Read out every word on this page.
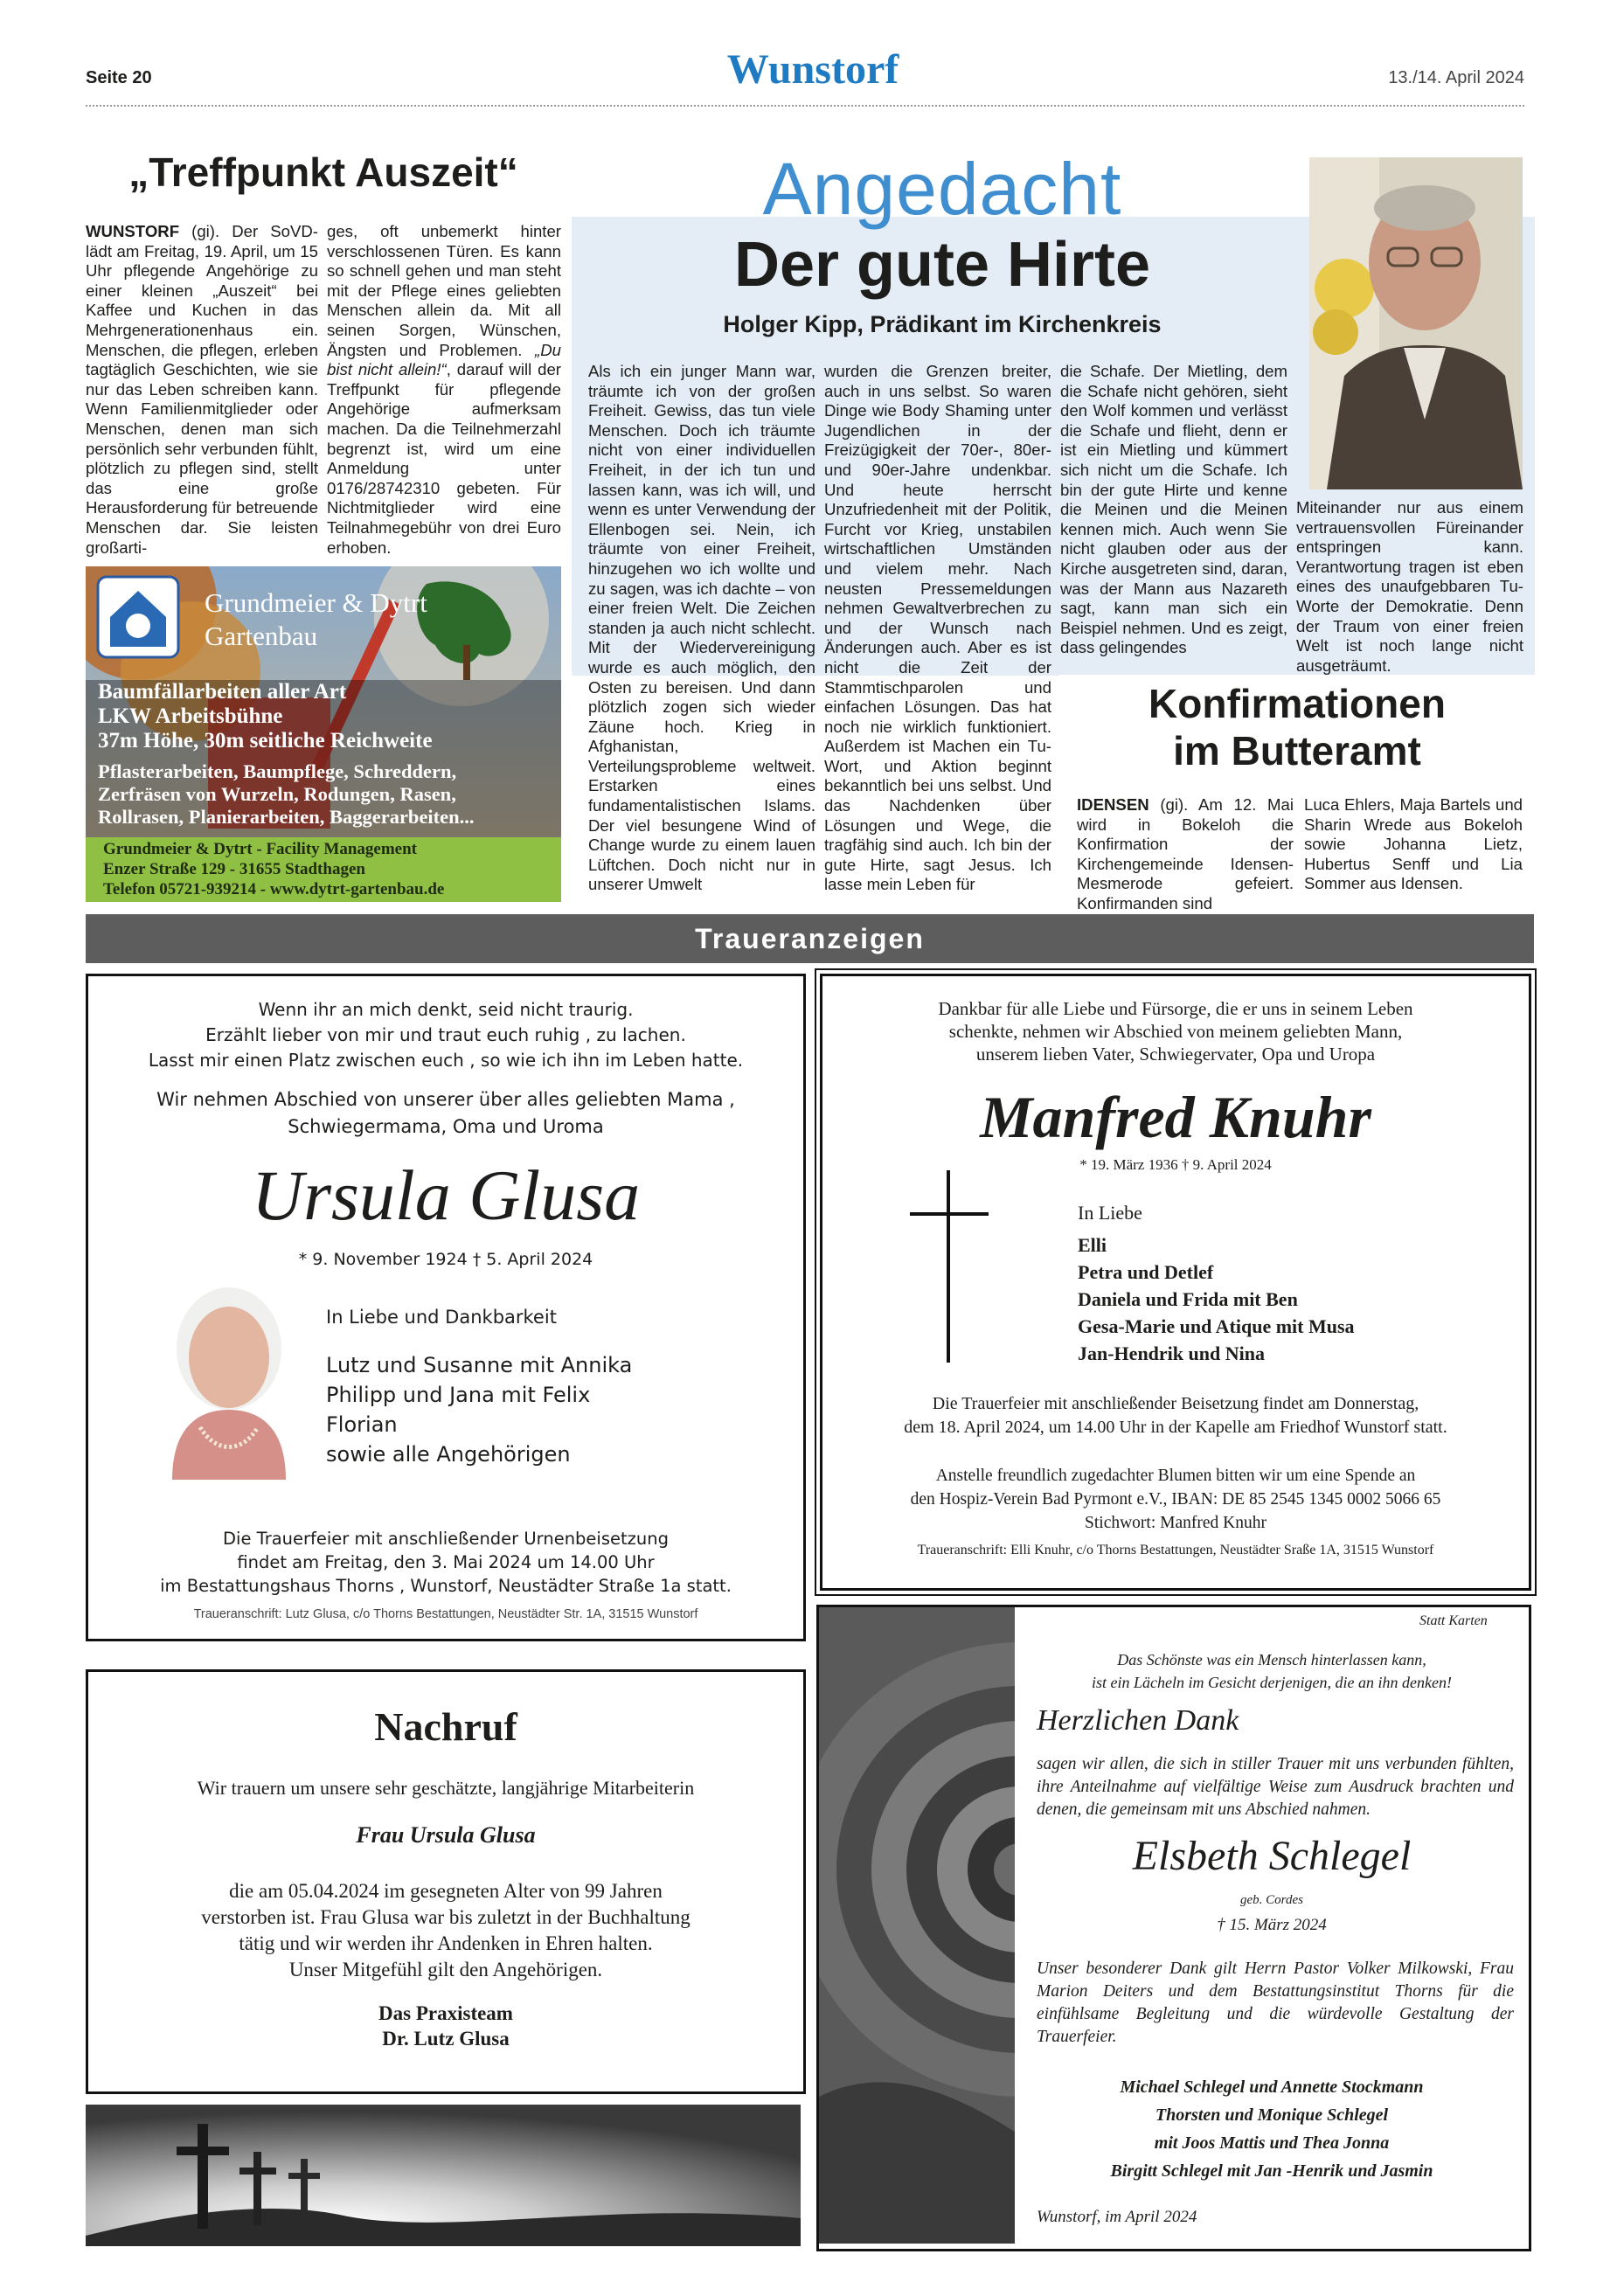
Seite 20	Wunstorf	13./14. April 2024
„Treffpunkt Auszeit“
WUNSTORF (gi). Der SoVD-lädt am Freitag, 19. April, um 15 Uhr pflegende Angehörige zu einer kleinen „Auszeit“ bei Kaffee und Kuchen in das Mehrgenerationenhaus ein. Menschen, die pflegen, erleben tagtäglich Geschichten, wie sie nur das Leben schreiben kann. Wenn Familienmitglieder oder Menschen, denen man sich persönlich sehr verbunden fühlt, plötzlich zu pflegen sind, stellt das eine große Herausforderung für betreuende Menschen dar. Sie leisten großarti-
ges, oft unbemerkt hinter verschlossenen Türen. Es kann so schnell gehen und man steht mit der Pflege eines geliebten Menschen allein da. Mit all seinen Sorgen, Wünschen, Ängsten und Problemen. „Du bist nicht allein!“, darauf will der Treffpunkt für pflegende Angehörige aufmerksam machen. Da die Teilnehmerzahl begrenzt ist, wird um eine Anmeldung unter 0176/28742310 gebeten. Für Nichtmitglieder wird eine Teilnahmegebühr von drei Euro erhoben.
Grundmeier & Dytrt
Gartenbau
Baumfällarbeiten aller Art
LKW Arbeitsbühne
37m Höhe, 30m seitliche Reichweite
Pflasterarbeiten, Baumpflege, Schreddern,
Zerfräsen von Wurzeln, Rodungen, Rasen,
Rollrasen, Planierarbeiten, Baggerarbeiten...
Grundmeier & Dytrt - Facility Management
Enzer Straße 129 - 31655 Stadthagen
Telefon 05721-939214 - www.dytrt-gartenbau.de
Angedacht
Der gute Hirte
Holger Kipp, Prädikant im Kirchenkreis
Als ich ein junger Mann war, träumte ich von der großen Freiheit. Gewiss, das tun viele Menschen. Doch ich träumte nicht von einer individuellen Freiheit, in der ich tun und lassen kann, was ich will, und wenn es unter Verwendung der Ellenbogen sei. Nein, ich träumte von einer Freiheit, hinzugehen wo ich wollte und zu sagen, was ich dachte – von einer freien Welt. Die Zeichen standen ja auch nicht schlecht. Mit der Wiedervereinigung wurde es auch möglich, den Osten zu bereisen. Und dann plötzlich zogen sich wieder Zäune hoch. Krieg in Afghanistan, Verteilungsprobleme weltweit. Erstarken eines fundamentalistischen Islams. Der viel besungene Wind of Change wurde zu einem lauen Lüftchen. Doch nicht nur in unserer Umwelt
wurden die Grenzen breiter, auch in uns selbst. So waren Dinge wie Body Shaming unter Jugendlichen in der Freizügigkeit der 70er-, 80er- und 90er-Jahre undenkbar. Und heute herrscht Unzufriedenheit mit der Politik, Furcht vor Krieg, unstabilen wirtschaftlichen Umständen und vielem mehr. Nach neusten Pressemeldungen nehmen Gewaltverbrechen zu und der Wunsch nach Änderungen auch. Aber es ist nicht die Zeit der Stammtischparolen und einfachen Lösungen. Das hat noch nie wirklich funktioniert. Außerdem ist Machen ein Tu-Wort, und Aktion beginnt bekanntlich bei uns selbst. Und das Nachdenken über Lösungen und Wege, die tragfähig sind auch. Ich bin der gute Hirte, sagt Jesus. Ich lasse mein Leben für
die Schafe. Der Mietling, dem die Schafe nicht gehören, sieht den Wolf kommen und verlässt die Schafe und flieht, denn er ist ein Mietling und kümmert sich nicht um die Schafe. Ich bin der gute Hirte und kenne die Meinen und die Meinen kennen mich. Auch wenn Sie nicht glauben oder aus der Kirche ausgetreten sind, daran, was der Mann aus Nazareth sagt, kann man sich ein Beispiel nehmen. Und es zeigt, dass gelingendes
Miteinander nur aus einem vertrauensvollen Füreinander entspringen kann. Verantwortung tragen ist eben eines des unaufgebbaren Tu-Worte der Demokratie. Denn der Traum von einer freien Welt ist noch lange nicht ausgeträumt.
Konfirmationen im Butteramt
IDENSEN (gi). Am 12. Mai wird in Bokeloh die Konfirmation der Kirchengemeinde Idensen-Mesmerode gefeiert. Konfirmanden sind
Luca Ehlers, Maja Bartels und Sharin Wrede aus Bokeloh sowie Johanna Lietz, Hubertus Senff und Lia Sommer aus Idensen.
Traueranzeigen
Wenn ihr an mich denkt, seid nicht traurig.
Erzählt lieber von mir und traut euch ruhig , zu lachen.
Lasst mir einen Platz zwischen euch , so wie ich ihn im Leben hatte.
Wir nehmen Abschied von unserer über alles geliebten Mama ,
Schwiegermama, Oma und Uroma
Ursula Glusa
* 9. November 1924 † 5. April 2024
In Liebe und Dankbarkeit
Lutz und Susanne mit Annika
Philipp und Jana mit Felix
Florian
sowie alle Angehörigen
Die Trauerfeier mit anschließender Urnenbeisetzung
findet am Freitag, den 3. Mai 2024 um 14.00 Uhr
im Bestattungshaus Thorns , Wunstorf, Neustädter Straße 1a statt.
Traueranschrift: Lutz Glusa, c/o Thorns Bestattungen, Neustädter Str. 1A, 31515 Wunstorf
Dankbar für alle Liebe und Fürsorge, die er uns in seinem Leben
schenkte, nehmen wir Abschied von meinem geliebten Mann,
unserem lieben Vater, Schwiegervater, Opa und Uropa
Manfred Knuhr
* 19. März 1936 † 9. April 2024
In Liebe
Elli
Petra und Detlef
Daniela und Frida mit Ben
Gesa-Marie und Atique mit Musa
Jan-Hendrik und Nina
Die Trauerfeier mit anschließender Beisetzung findet am Donnerstag,
dem 18. April 2024, um 14.00 Uhr in der Kapelle am Friedhof Wunstorf statt.
Anstelle freundlich zugedachter Blumen bitten wir um eine Spende an
den Hospiz-Verein Bad Pyrmont e.V., IBAN: DE 85 2545 1345 0002 5066 65
Stichwort: Manfred Knuhr
Traueranschrift: Elli Knuhr, c/o Thorns Bestattungen, Neustädter Sraße 1A, 31515 Wunstorf
Nachruf
Wir trauern um unsere sehr geschätzte, langjährige Mitarbeiterin
Frau Ursula Glusa
die am 05.04.2024 im gesegneten Alter von 99 Jahren
verstorben ist. Frau Glusa war bis zuletzt in der Buchhaltung
tätig und wir werden ihr Andenken in Ehren halten.
Unser Mitgefühl gilt den Angehörigen.
Das Praxisteam
Dr. Lutz Glusa
Statt Karten
Das Schönste was ein Mensch hinterlassen kann,
ist ein Lächeln im Gesicht derjenigen, die an ihn denken!
Herzlichen Dank
sagen wir allen, die sich in stiller Trauer mit uns verbunden fühlten, ihre Anteilnahme auf vielfältige Weise zum Ausdruck brachten und denen, die gemeinsam mit uns Abschied nahmen.
Elsbeth Schlegel
geb. Cordes
† 15. März 2024
Unser besonderer Dank gilt Herrn Pastor Volker Milkowski, Frau Marion Deiters und dem Bestattungsinstitut Thorns für die einfühlsame Begleitung und die würdevolle Gestaltung der Trauerfeier.
Michael Schlegel und Annette Stockmann
Thorsten und Monique Schlegel
mit Joos Mattis und Thea Jonna
Birgitt Schlegel mit Jan -Henrik und Jasmin
Wunstorf, im April 2024
